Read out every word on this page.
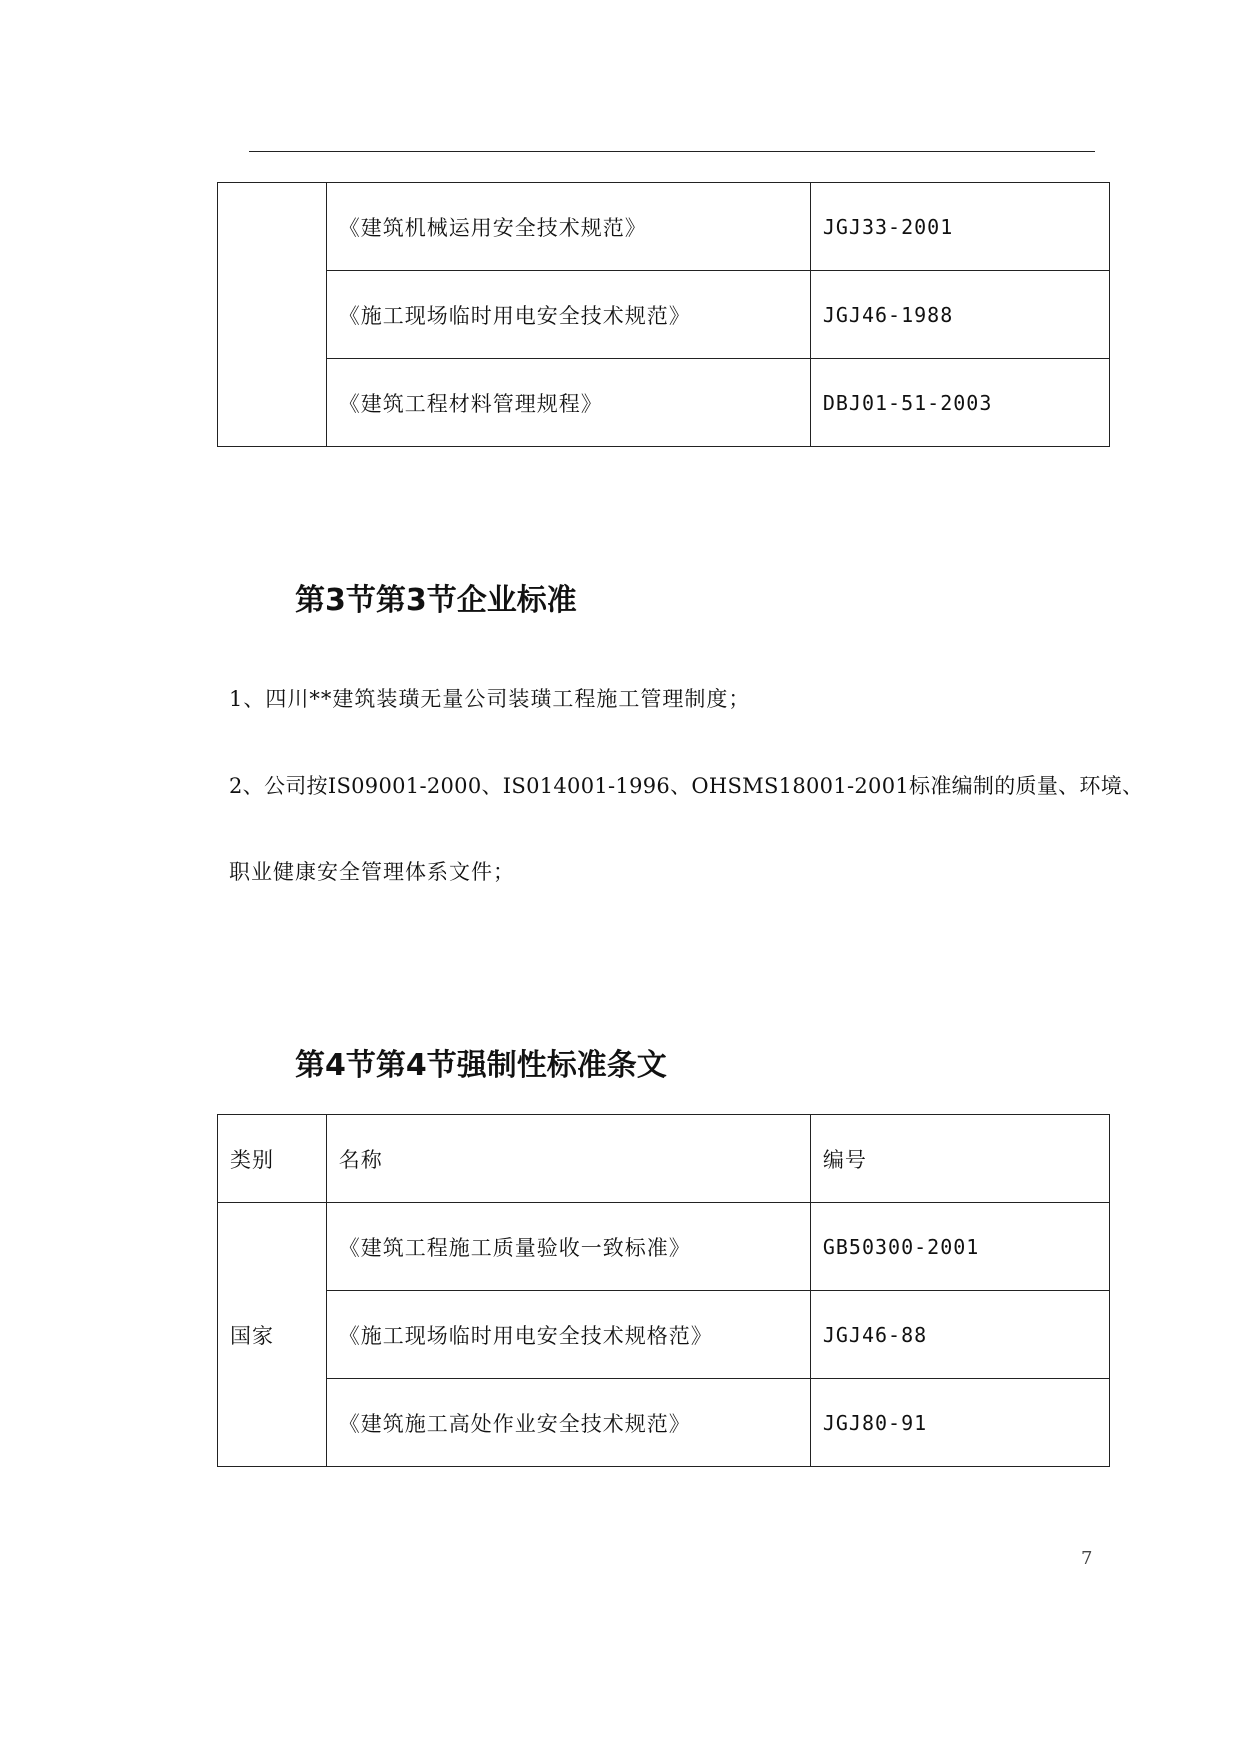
	《建筑机械运用安全技术规范》	JGJ33-2001
	《施工现场临时用电安全技术规范》	JGJ46-1988
	《建筑工程材料管理规程》	DBJ01-51-2003
第3节第3节企业标准

1、四川**建筑装璜无量公司装璜工程施工管理制度；

2、公司按IS09001-2000、IS014001-1996、OHSMS18001-2001标准编制的质量、环境、

职业健康安全管理体系文件；

第4节第4节强制性标准条文
类别	名称	编号
国家	《建筑工程施工质量验收一致标准》	GB50300-2001
	《施工现场临时用电安全技术规格范》	JGJ46-88
	《建筑施工高处作业安全技术规范》	JGJ80-91
7
